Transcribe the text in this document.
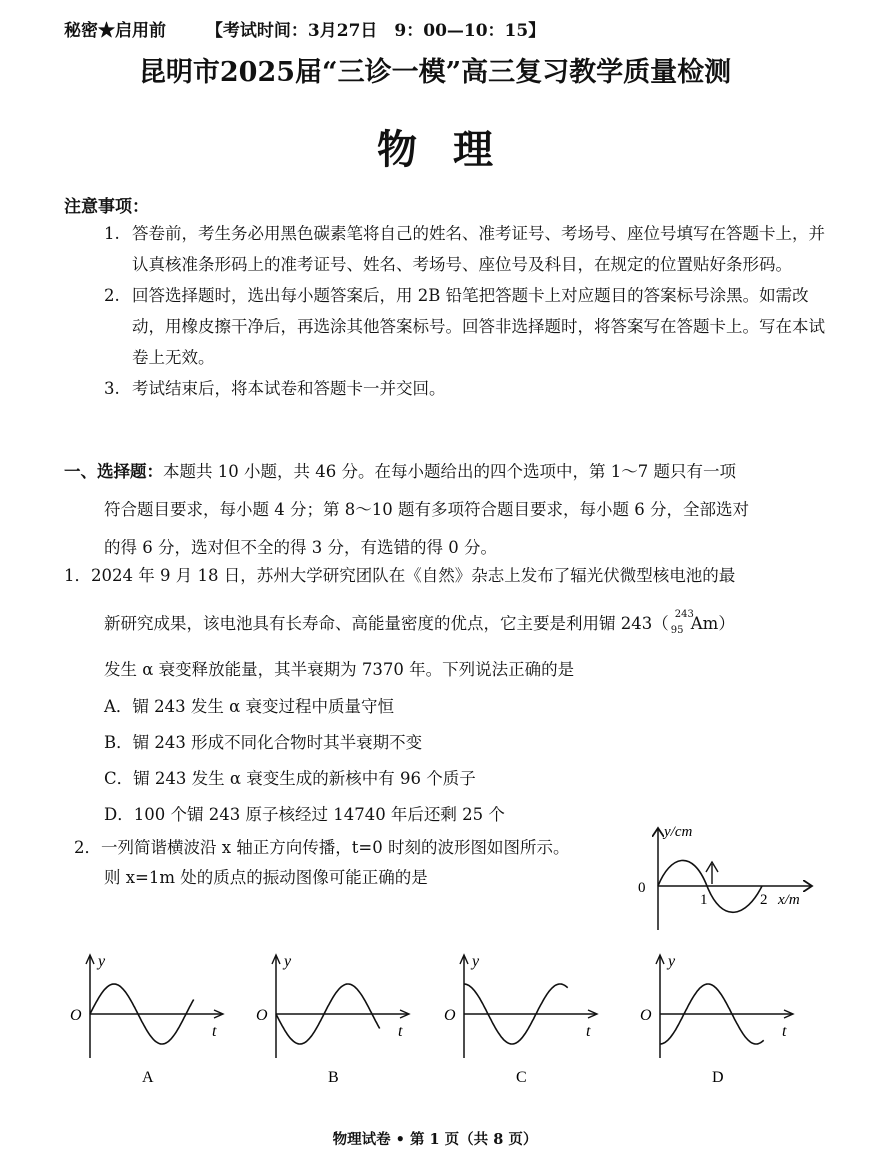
秘密★启用前 【考试时间：3月27日　9：00—10：15】
昆明市2025届“三诊一模”高三复习教学质量检测
物理
注意事项：
1. 答卷前，考生务必用黑色碳素笔将自己的姓名、准考证号、考场号、座位号填写在答题卡上，并认真核准条形码上的准考证号、姓名、考场号、座位号及科目，在规定的位置贴好条形码。
2. 回答选择题时，选出每小题答案后，用 2B 铅笔把答题卡上对应题目的答案标号涂黑。如需改动，用橡皮擦干净后，再选涂其他答案标号。回答非选择题时，将答案写在答题卡上。写在本试卷上无效。
3. 考试结束后，将本试卷和答题卡一并交回。
一、选择题：本题共 10 小题，共 46 分。在每小题给出的四个选项中，第 1～7 题只有一项
符合题目要求，每小题 4 分；第 8～10 题有多项符合题目要求，每小题 6 分，全部选对
的得 6 分，选对但不全的得 3 分，有选错的得 0 分。
1．2024 年 9 月 18 日，苏州大学研究团队在《自然》杂志上发布了辐光伏微型核电池的最
新研究成果，该电池具有长寿命、高能量密度的优点，它主要是利用镅 243（ 243
95 Am）
发生 α 衰变释放能量，其半衰期为 7370 年。下列说法正确的是
A．镅 243 发生 α 衰变过程中质量守恒
B．镅 243 形成不同化合物时其半衰期不变
C．镅 243 发生 α 衰变生成的新核中有 96 个质子
D．100 个镅 243 原子核经过 14740 年后还剩 25 个
2．一列简谐横波沿 x 轴正方向传播，t=0 时刻的波形图如图所示。
则 x=1m 处的质点的振动图像可能正确的是
y/cm
0
1	2 x/m
y
O
t
A
y
O
t
B
y
O
t
C
y
O
t
D
物理试卷 • 第 1 页（共 8 页）
